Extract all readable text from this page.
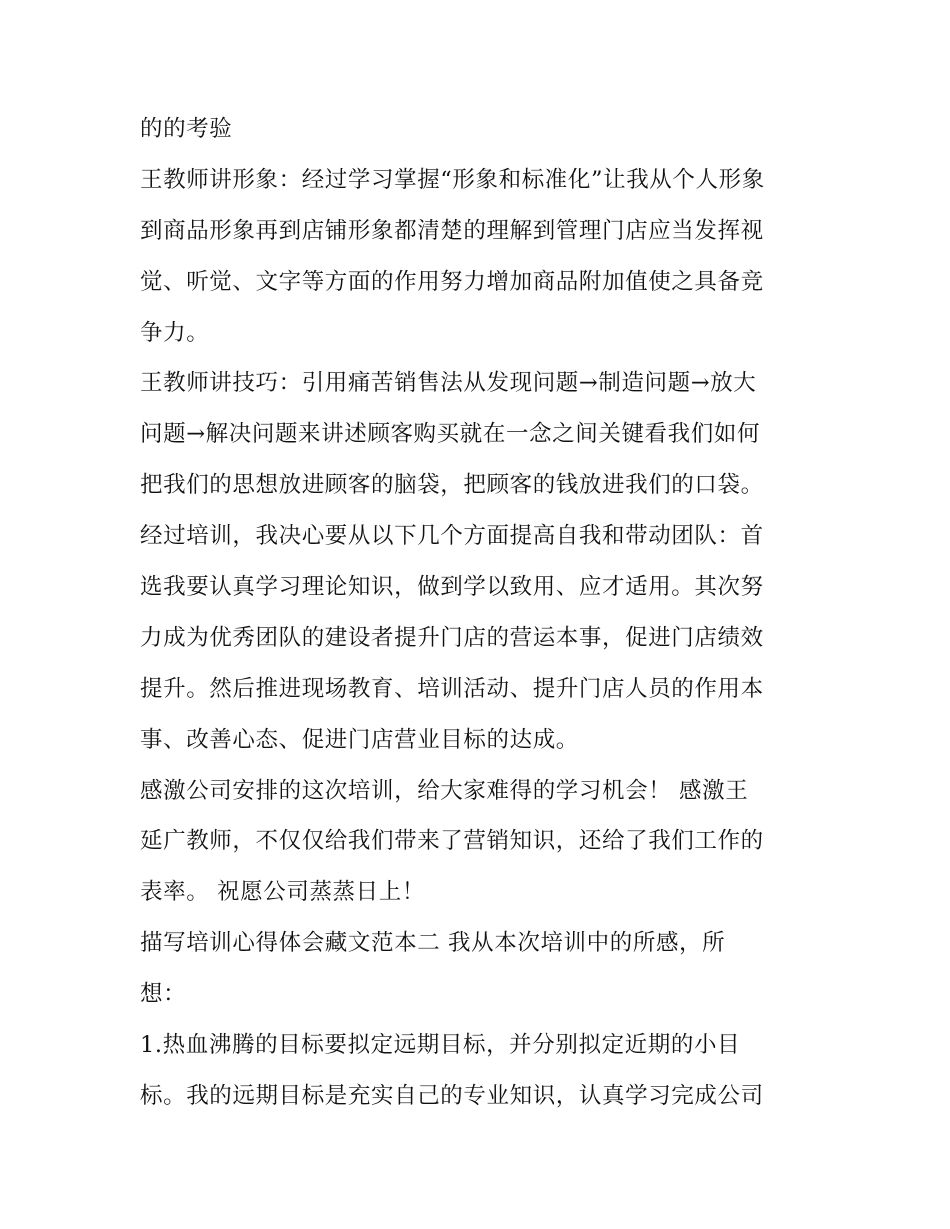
的的考验
王教师讲形象：经过学习掌握“形象和标准化”让我从个人形象
到商品形象再到店铺形象都清楚的理解到管理门店应当发挥视
觉、听觉、文字等方面的作用努力增加商品附加值使之具备竞
争力。
王教师讲技巧：引用痛苦销售法从发现问题→制造问题→放大
问题→解决问题来讲述顾客购买就在一念之间关键看我们如何
把我们的思想放进顾客的脑袋，把顾客的钱放进我们的口袋。
经过培训，我决心要从以下几个方面提高自我和带动团队：首
选我要认真学习理论知识，做到学以致用、应才适用。其次努
力成为优秀团队的建设者提升门店的营运本事，促进门店绩效
提升。然后推进现场教育、培训活动、提升门店人员的作用本
事、改善心态、促进门店营业目标的达成。
感激公司安排的这次培训，给大家难得的学习机会！ 感激王
延广教师，不仅仅给我们带来了营销知识，还给了我们工作的
表率。 祝愿公司蒸蒸日上！
描写培训心得体会藏文范本二 我从本次培训中的所感，所
想：
1.热血沸腾的目标要拟定远期目标，并分别拟定近期的小目
标。我的远期目标是充实自己的专业知识，认真学习完成公司
